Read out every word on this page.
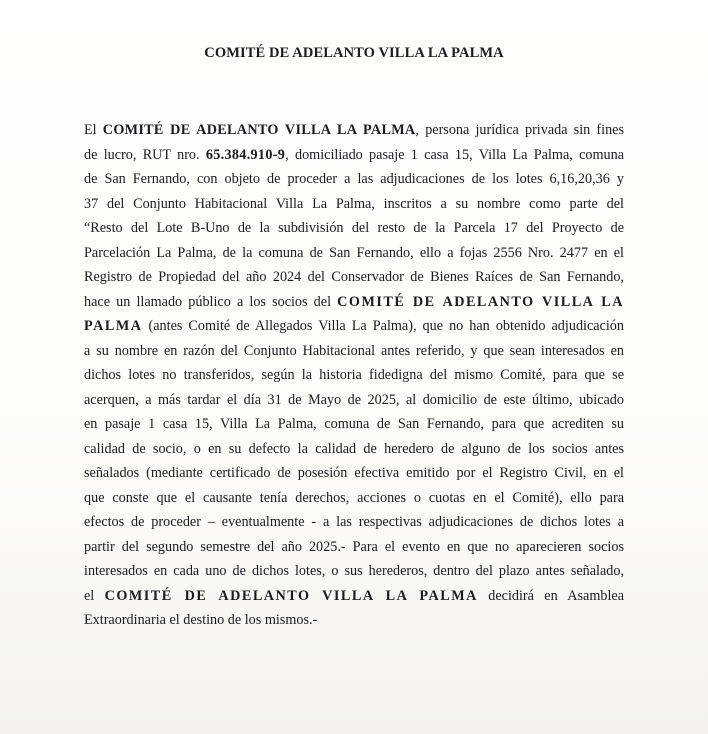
COMITÉ DE ADELANTO VILLA LA PALMA

El COMITÉ DE ADELANTO VILLA LA PALMA, persona jurídica privada sin fines
de lucro, RUT nro. 65.384.910-9, domiciliado pasaje 1 casa 15, Villa La Palma, comuna
de San Fernando, con objeto de proceder a las adjudicaciones de los lotes 6,16,20,36 y
37 del Conjunto Habitacional Villa La Palma, inscritos a su nombre como parte del
“Resto del Lote B-Uno de la subdivisión del resto de la Parcela 17 del Proyecto de
Parcelación La Palma, de la comuna de San Fernando, ello a fojas 2556 Nro. 2477 en el
Registro de Propiedad del año 2024 del Conservador de Bienes Raíces de San Fernando,
hace un llamado público a los socios del COMITÉ DE ADELANTO VILLA LA
PALMA (antes Comité de Allegados Villa La Palma), que no han obtenido adjudicación
a su nombre en razón del Conjunto Habitacional antes referido, y que sean interesados en
dichos lotes no transferidos, según la historia fidedigna del mismo Comité, para que se
acerquen, a más tardar el día 31 de Mayo de 2025, al domicilio de este último, ubicado
en pasaje 1 casa 15, Villa La Palma, comuna de San Fernando, para que acrediten su
calidad de socio, o en su defecto la calidad de heredero de alguno de los socios antes
señalados (mediante certificado de posesión efectiva emitido por el Registro Civil, en el
que conste que el causante tenía derechos, acciones o cuotas en el Comité), ello para
efectos de proceder – eventualmente - a las respectivas adjudicaciones de dichos lotes a
partir del segundo semestre del año 2025.- Para el evento en que no aparecieren socios
interesados en cada uno de dichos lotes, o sus herederos, dentro del plazo antes señalado,
el COMITÉ DE ADELANTO VILLA LA PALMA decidirá en Asamblea
Extraordinaria el destino de los mismos.-
